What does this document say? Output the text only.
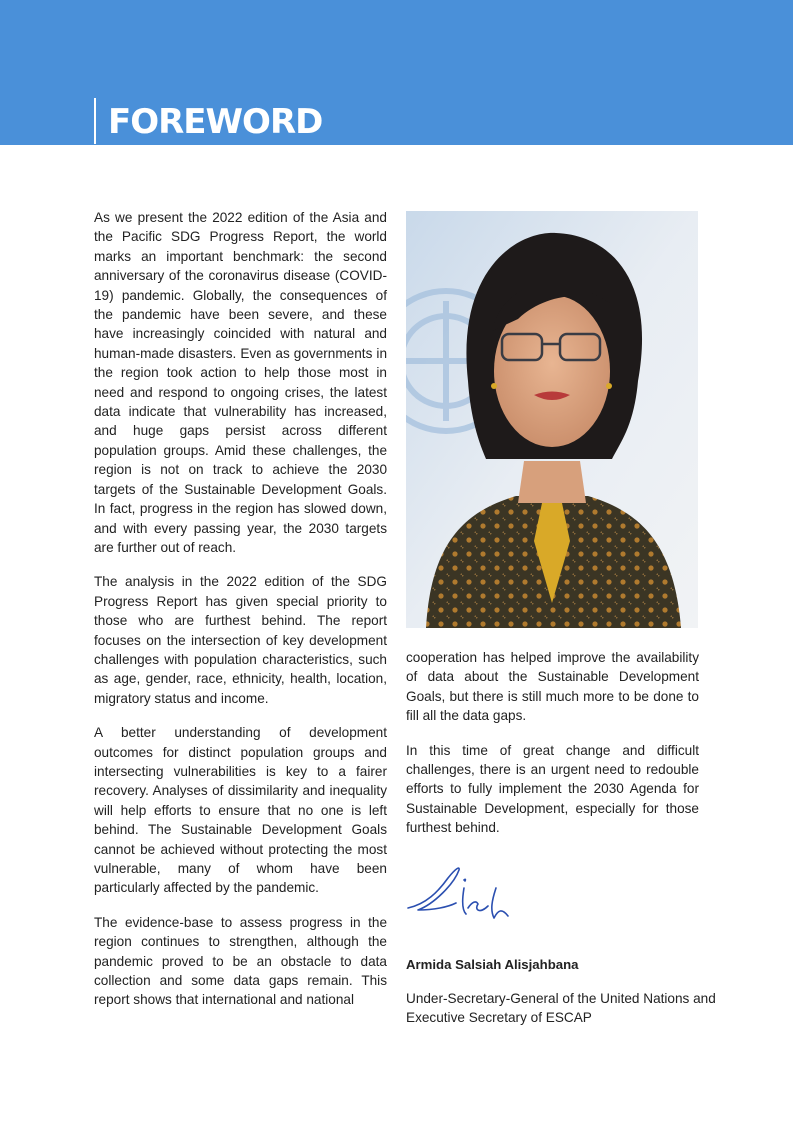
FOREWORD

As we present the 2022 edition of the Asia and the Pacific SDG Progress Report, the world marks an important benchmark: the second anniversary of the coronavirus disease (COVID-19) pandemic. Globally, the consequences of the pandemic have been severe, and these have increasingly coincided with natural and human-made disasters. Even as governments in the region took action to help those most in need and respond to ongoing crises, the latest data indicate that vulnerability has increased, and huge gaps persist across different population groups. Amid these challenges, the region is not on track to achieve the 2030 targets of the Sustainable Development Goals. In fact, progress in the region has slowed down, and with every passing year, the 2030 targets are further out of reach.

The analysis in the 2022 edition of the SDG Progress Report has given special priority to those who are furthest behind. The report focuses on the intersection of key development challenges with population characteristics, such as age, gender, race, ethnicity, health, location, migratory status and income.

A better understanding of development outcomes for distinct population groups and intersecting vulnerabilities is key to a fairer recovery. Analyses of dissimilarity and inequality will help efforts to ensure that no one is left behind. The Sustainable Development Goals cannot be achieved without protecting the most vulnerable, many of whom have been particularly affected by the pandemic.

The evidence-base to assess progress in the region continues to strengthen, although the pandemic proved to be an obstacle to data collection and some data gaps remain. This report shows that international and national

cooperation has helped improve the availability of data about the Sustainable Development Goals, but there is still much more to be done to fill all the data gaps.

In this time of great change and difficult challenges, there is an urgent need to redouble efforts to fully implement the 2030 Agenda for Sustainable Development, especially for those furthest behind.

Armida Salsiah Alisjahbana
Under-Secretary-General of the United Nations and Executive Secretary of ESCAP
